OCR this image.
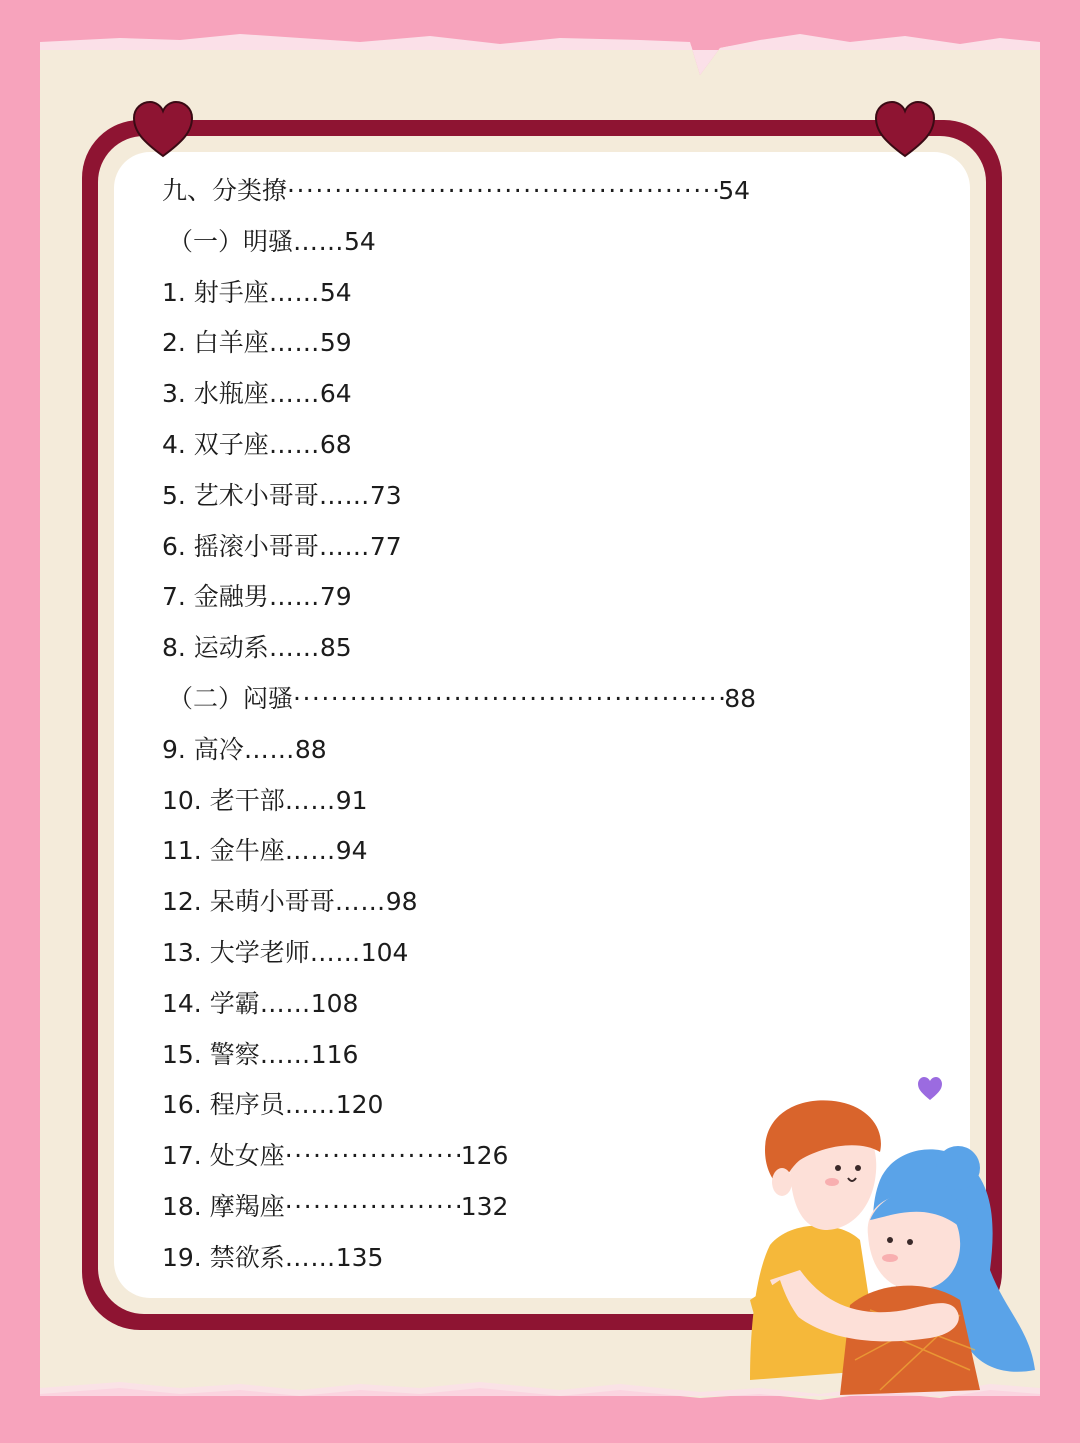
九、分类撩 ·····	54
（一）明骚 …… 54
1. 射手座 …… 54
2. 白羊座 …… 59
3. 水瓶座 …… 64
4. 双子座 …… 68
5. 艺术小哥哥 …… 73
6. 摇滚小哥哥 …… 77
7. 金融男 …… 79
8. 运动系 …… 85
（二）闷骚 ·····	88
9. 高冷 …… 88
10. 老干部 …… 91
11. 金牛座 …… 94
12. 呆萌小哥哥 …… 98
13. 大学老师 …… 104
14. 学霸 …… 108
15. 警察 …… 116
16. 程序员 …… 120
17. 处女座 ·····	126
18. 摩羯座 ·····	132
19. 禁欲系 …… 135
